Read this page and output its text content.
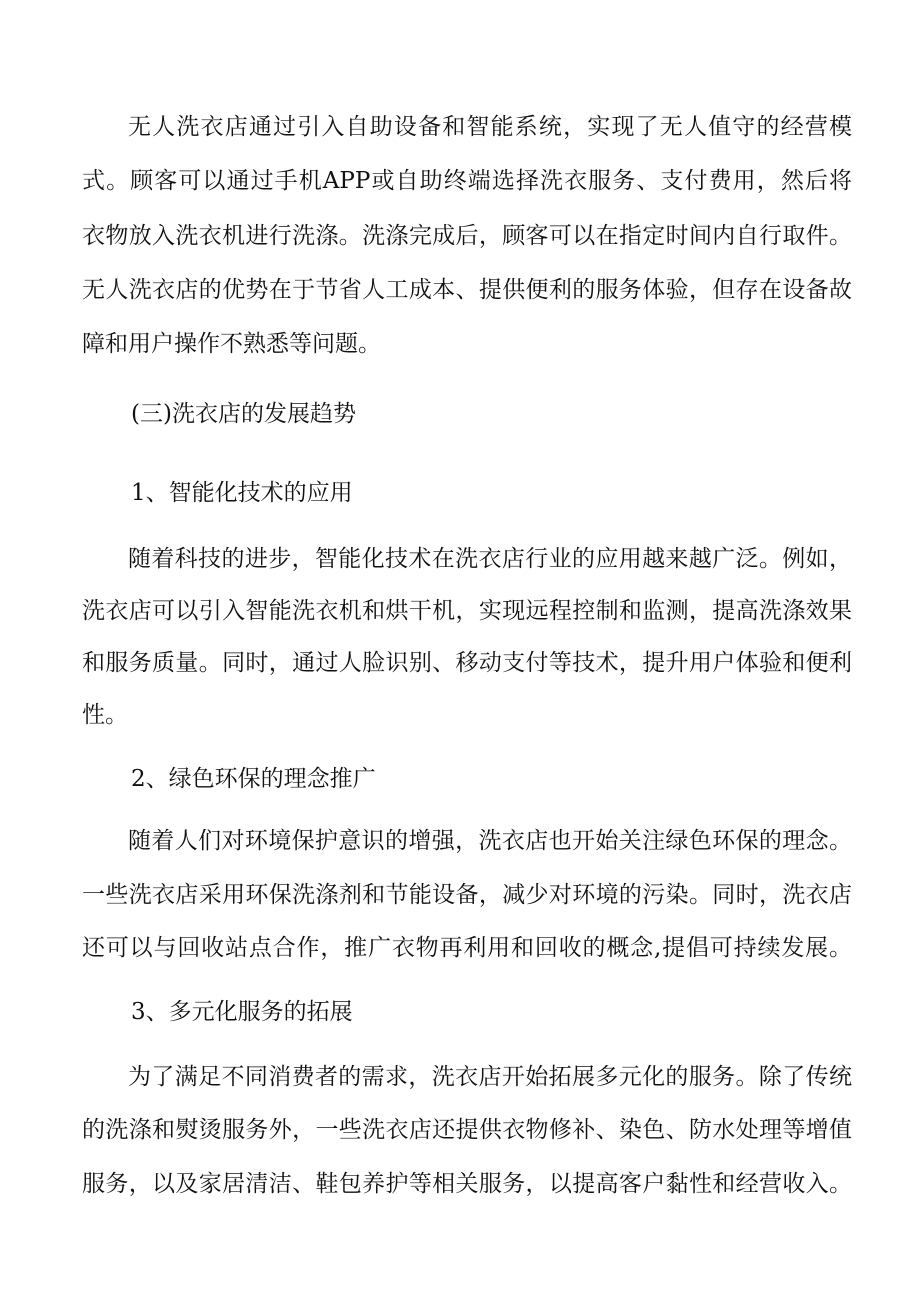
无人洗衣店通过引入自助设备和智能系统，实现了无人值守的经营模
式。顾客可以通过手机APP或自助终端选择洗衣服务、支付费用，然后将
衣物放入洗衣机进行洗涤。洗涤完成后，顾客可以在指定时间内自行取件。
无人洗衣店的优势在于节省人工成本、提供便利的服务体验，但存在设备故
障和用户操作不熟悉等问题。
(三)洗衣店的发展趋势
1、智能化技术的应用
随着科技的进步，智能化技术在洗衣店行业的应用越来越广泛。例如，
洗衣店可以引入智能洗衣机和烘干机，实现远程控制和监测，提高洗涤效果
和服务质量。同时，通过人脸识别、移动支付等技术，提升用户体验和便利
性。
2、绿色环保的理念推广
随着人们对环境保护意识的增强，洗衣店也开始关注绿色环保的理念。
一些洗衣店采用环保洗涤剂和节能设备，减少对环境的污染。同时，洗衣店
还可以与回收站点合作，推广衣物再利用和回收的概念,提倡可持续发展。
3、多元化服务的拓展
为了满足不同消费者的需求，洗衣店开始拓展多元化的服务。除了传统
的洗涤和熨烫服务外，一些洗衣店还提供衣物修补、染色、防水处理等增值
服务，以及家居清洁、鞋包养护等相关服务，以提高客户黏性和经营收入。
